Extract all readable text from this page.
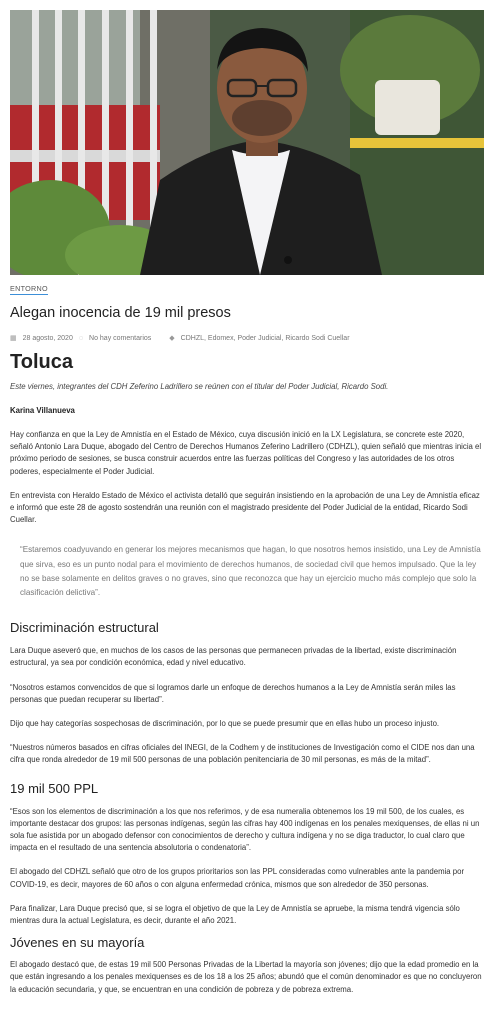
ENTORNO
Alegan inocencia de 19 mil presos
▦ 28 agosto, 2020 ◌ No hay comentarios	◆ CDHZL, Edomex, Poder Judicial, Ricardo Sodi Cuellar
Toluca
Este viernes, integrantes del CDH Zeferino Ladrillero se reúnen con el titular del Poder Judicial, Ricardo Sodi.
Karina Villanueva

Hay confianza en que la Ley de Amnistía en el Estado de México, cuya discusión inició en la LX Legislatura, se concrete este 2020, señaló Antonio Lara Duque, abogado del Centro de Derechos Humanos Zeferino Ladrillero (CDHZL), quien señaló que mientras inicia el próximo periodo de sesiones, se busca construir acuerdos entre las fuerzas políticas del Congreso y las autoridades de los otros poderes, especialmente el Poder Judicial.

En entrevista con Heraldo Estado de México el activista detalló que seguirán insistiendo en la aprobación de una Ley de Amnistía eficaz e informó que este 28 de agosto sostendrán una reunión con el magistrado presidente del Poder Judicial de la entidad, Ricardo Sodi Cuellar.

“Estaremos coadyuvando en generar los mejores mecanismos que hagan, lo que nosotros hemos insistido, una Ley de Amnistía que sirva, eso es un punto nodal para el movimiento de derechos humanos, de sociedad civil que hemos impulsado. Que la ley no se base solamente en delitos graves o no graves, sino que reconozca que hay un ejercicio mucho más complejo que solo la clasificación delictiva”.

Discriminación estructural

Lara Duque aseveró que, en muchos de los casos de las personas que permanecen privadas de la libertad, existe discriminación estructural, ya sea por condición económica, edad y nivel educativo.

“Nosotros estamos convencidos de que si logramos darle un enfoque de derechos humanos a la Ley de Amnistía serán miles las personas que puedan recuperar su libertad”.

Dijo que hay categorías sospechosas de discriminación, por lo que se puede presumir que en ellas hubo un proceso injusto.

“Nuestros números basados en cifras oficiales del INEGI, de la Codhem y de instituciones de Investigación como el CIDE nos dan una cifra que ronda alrededor de 19 mil 500 personas de una población penitenciaria de 30 mil personas, es más de la mitad”.

19 mil 500 PPL

“Esos son los elementos de discriminación a los que nos referimos, y de esa numeralia obtenemos los 19 mil 500, de los cuales, es importante destacar dos grupos: las personas indígenas, según las cifras hay 400 indígenas en los penales mexiquenses, de ellas ni un sola fue asistida por un abogado defensor con conocimientos de derecho y cultura indígena y no se diga traductor, lo cual claro que impacta en el resultado de una sentencia absolutoria o condenatoria”.

El abogado del CDHZL señaló que otro de los grupos prioritarios son las PPL consideradas como vulnerables ante la pandemia por COVID-19, es decir, mayores de 60 años o con alguna enfermedad crónica, mismos que son alrededor de 350 personas.

Para finalizar, Lara Duque precisó que, si se logra el objetivo de que la Ley de Amnistía se apruebe, la misma tendrá vigencia sólo mientras dura la actual Legislatura, es decir, durante el año 2021.

Jóvenes en su mayoría

El abogado destacó que, de estas 19 mil 500 Personas Privadas de la Libertad la mayoría son jóvenes; dijo que la edad promedio en la que están ingresando a los penales mexiquenses es de los 18 a los 25 años; abundó que el común denominador es que no concluyeron la educación secundaria, y que, se encuentran en una condición de pobreza y de pobreza extrema.
